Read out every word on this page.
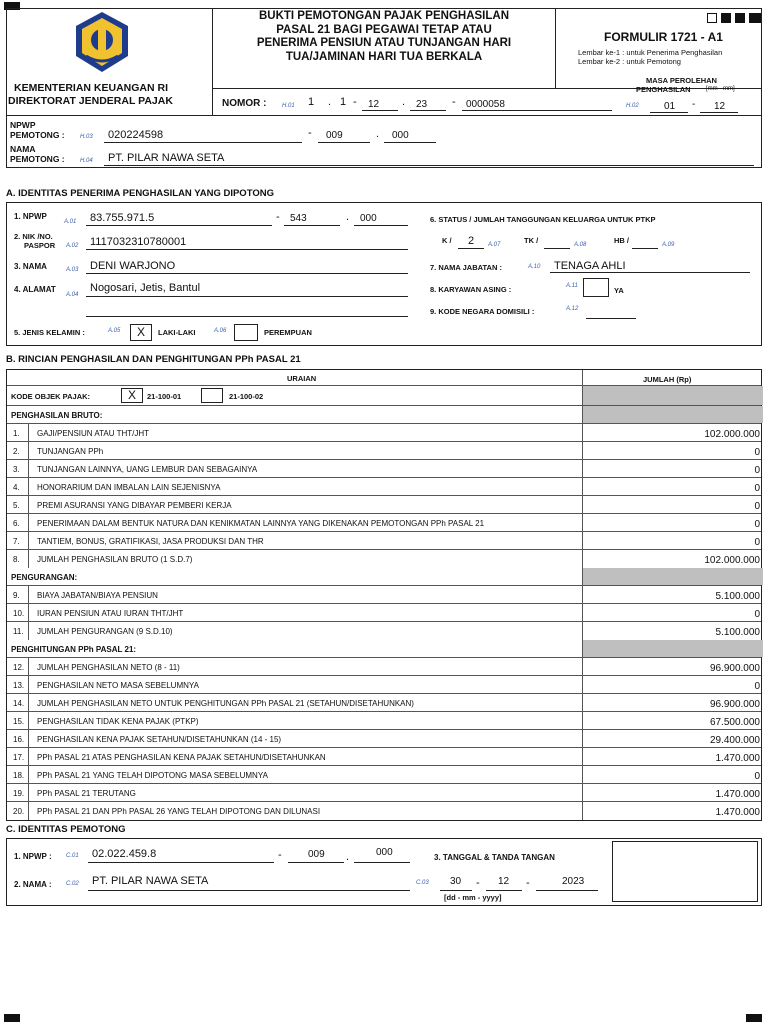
KEMENTERIAN KEUANGAN RI
DIREKTORAT JENDERAL PAJAK
BUKTI PEMOTONGAN PAJAK PENGHASILAN
PASAL 21 BAGI PEGAWAI TETAP ATAU
PENERIMA PENSIUN ATAU TUNJANGAN HARI
TUA/JAMINAN HARI TUA BERKALA
FORMULIR 1721 - A1
Lembar ke-1 : untuk Penerima Penghasilan
Lembar ke-2 : untuk Pemotong
NOMOR :	H.01 1 . 1 - 12 . 23 - 0000058
MASA PEROLEHAN
PENGHASILAN	[mm - mm]
H.02	01 - 12
NPWP
PEMOTONG :	H.03 020224598	- 009	. 000
NAMA
PEMOTONG :	H.04 PT. PILAR NAWA SETA
A. IDENTITAS PENERIMA PENGHASILAN YANG DIPOTONG
1. NPWP
A.01 83.755.971.5	- 543	. 000
2. NIK /NO.
PASPOR A.02 1117032310780001
3. NAMA	A.03 DENI WARJONO
4. ALAMAT
A.04
Nogosari, Jetis, Bantul
5. JENIS KELAMIN :	A.05	X	LAKI-LAKI	A.06	PEREMPUAN
6. STATUS / JUMLAH TANGGUNGAN KELUARGA UNTUK PTKP
K / 2 A.07	TK /	A.08	HB /	A.09
7. NAMA JABATAN :	A.10 TENAGA AHLI
8. KARYAWAN ASING :	A.11	YA
9. KODE NEGARA DOMISILI :	A.12
B. RINCIAN PENGHASILAN DAN PENGHITUNGAN PPh PASAL 21
URAIAN	JUMLAH (Rp)
KODE OBJEK PAJAK:	X	21-100-01	21-100-02
PENGHASILAN BRUTO:
1.	GAJI/PENSIUN ATAU THT/JHT	102.000.000
2.	TUNJANGAN PPh	0
3.	TUNJANGAN LAINNYA, UANG LEMBUR DAN SEBAGAINYA	0
4.	HONORARIUM DAN IMBALAN LAIN SEJENISNYA	0
5.	PREMI ASURANSI YANG DIBAYAR PEMBERI KERJA	0
6.	PENERIMAAN DALAM BENTUK NATURA DAN KENIKMATAN LAINNYA YANG DIKENAKAN PEMOTONGAN PPh PASAL 21	0
7.	TANTIEM, BONUS, GRATIFIKASI, JASA PRODUKSI DAN THR	0
8.	JUMLAH PENGHASILAN BRUTO (1 S.D.7)	102.000.000
PENGURANGAN:
9.	BIAYA JABATAN/BIAYA PENSIUN	5.100.000
10.	IURAN PENSIUN ATAU IURAN THT/JHT	0
11.	JUMLAH PENGURANGAN (9 S.D.10)	5.100.000
PENGHITUNGAN PPh PASAL 21:
12.	JUMLAH PENGHASILAN NETO (8 - 11)	96.900.000
13.	PENGHASILAN NETO MASA SEBELUMNYA	0
14.	JUMLAH PENGHASILAN NETO UNTUK PENGHITUNGAN PPh PASAL 21 (SETAHUN/DISETAHUNKAN)	96.900.000
15.	PENGHASILAN TIDAK KENA PAJAK (PTKP)	67.500.000
16.	PENGHASILAN KENA PAJAK SETAHUN/DISETAHUNKAN (14 - 15)	29.400.000
17.	PPh PASAL 21 ATAS PENGHASILAN KENA PAJAK SETAHUN/DISETAHUNKAN	1.470.000
18.	PPh PASAL 21 YANG TELAH DIPOTONG MASA SEBELUMNYA	0
19.	PPh PASAL 21 TERUTANG	1.470.000
20.	PPh PASAL 21 DAN PPh PASAL 26 YANG TELAH DIPOTONG DAN DILUNASI	1.470.000
C. IDENTITAS PEMOTONG
1. NPWP : C.01 02.022.459.8	-	009 .	000
2. NAMA : C.02 PT. PILAR NAWA SETA
3. TANGGAL & TANDA TANGAN
C.03 30 - 12 -	2023
[dd - mm - yyyy]
